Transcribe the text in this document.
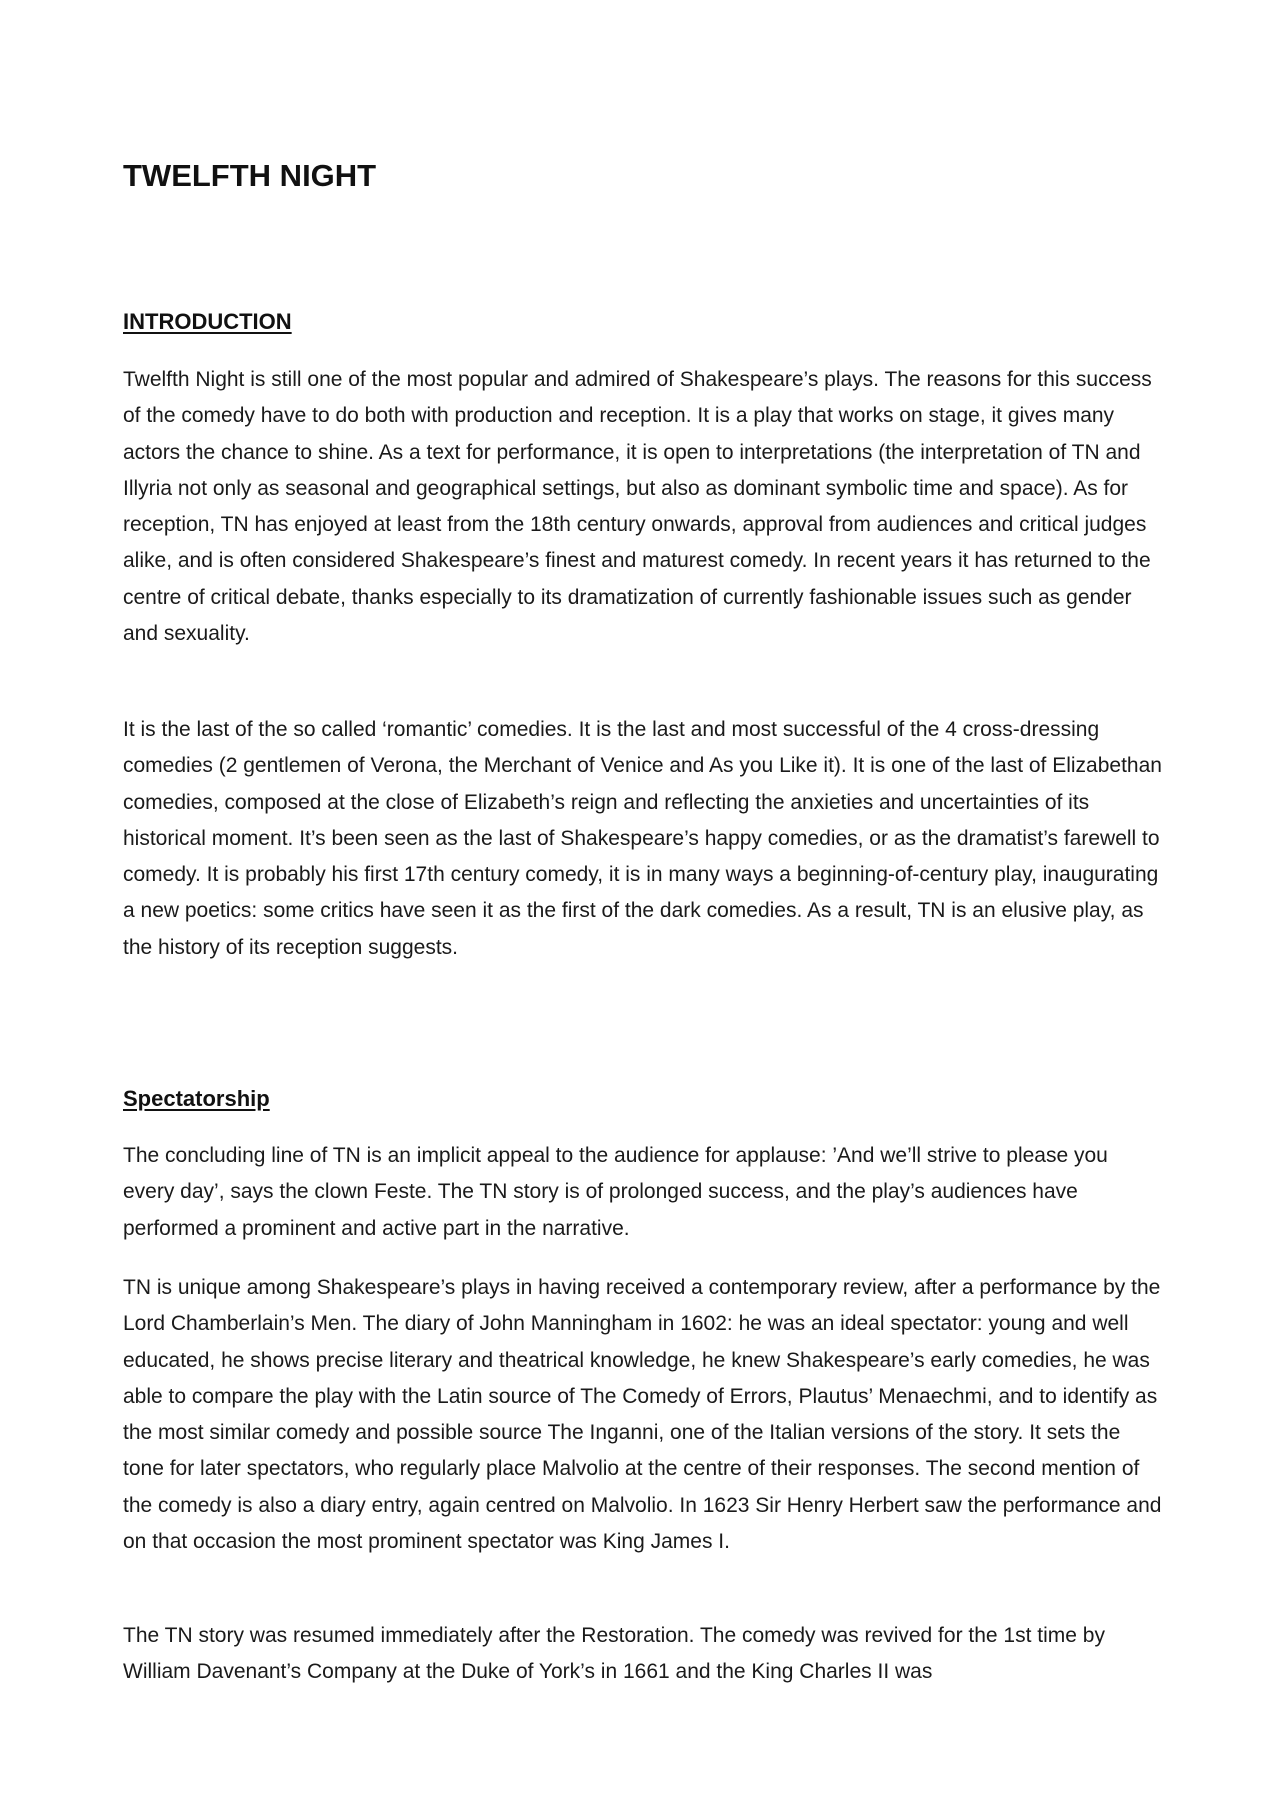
TWELFTH NIGHT
INTRODUCTION

Twelfth Night is still one of the most popular and admired of Shakespeare’s plays. The reasons for this success of the comedy have to do both with production and reception. It is a play that works on stage, it gives many actors the chance to shine. As a text for performance, it is open to interpretations (the interpretation of TN and Illyria not only as seasonal and geographical settings, but also as dominant symbolic time and space). As for reception, TN has enjoyed at least from the 18th century onwards, approval from audiences and critical judges alike, and is often considered Shakespeare’s finest and maturest comedy. In recent years it has returned to the centre of critical debate, thanks especially to its dramatization of currently fashionable issues such as gender and sexuality.

It is the last of the so called ‘romantic’ comedies. It is the last and most successful of the 4 cross-dressing comedies (2 gentlemen of Verona, the Merchant of Venice and As you Like it). It is one of the last of Elizabethan comedies, composed at the close of Elizabeth’s reign and reflecting the anxieties and uncertainties of its historical moment. It’s been seen as the last of Shakespeare’s happy comedies, or as the dramatist’s farewell to comedy. It is probably his first 17th century comedy, it is in many ways a beginning-of-century play, inaugurating a new poetics: some critics have seen it as the first of the dark comedies. As a result, TN is an elusive play, as the history of its reception suggests.

Spectatorship

The concluding line of TN is an implicit appeal to the audience for applause: ’And we’ll strive to please you every day’, says the clown Feste. The TN story is of prolonged success, and the play’s audiences have performed a prominent and active part in the narrative.

TN is unique among Shakespeare’s plays in having received a contemporary review, after a performance by the Lord Chamberlain’s Men. The diary of John Manningham in 1602: he was an ideal spectator: young and well educated, he shows precise literary and theatrical knowledge, he knew Shakespeare’s early comedies, he was able to compare the play with the Latin source of The Comedy of Errors, Plautus’ Menaechmi, and to identify as the most similar comedy and possible source The Inganni, one of the Italian versions of the story. It sets the tone for later spectators, who regularly place Malvolio at the centre of their responses. The second mention of the comedy is also a diary entry, again centred on Malvolio. In 1623 Sir Henry Herbert saw the performance and on that occasion the most prominent spectator was King James I.

The TN story was resumed immediately after the Restoration. The comedy was revived for the 1st time by William Davenant’s Company at the Duke of York’s in 1661 and the King Charles II was
